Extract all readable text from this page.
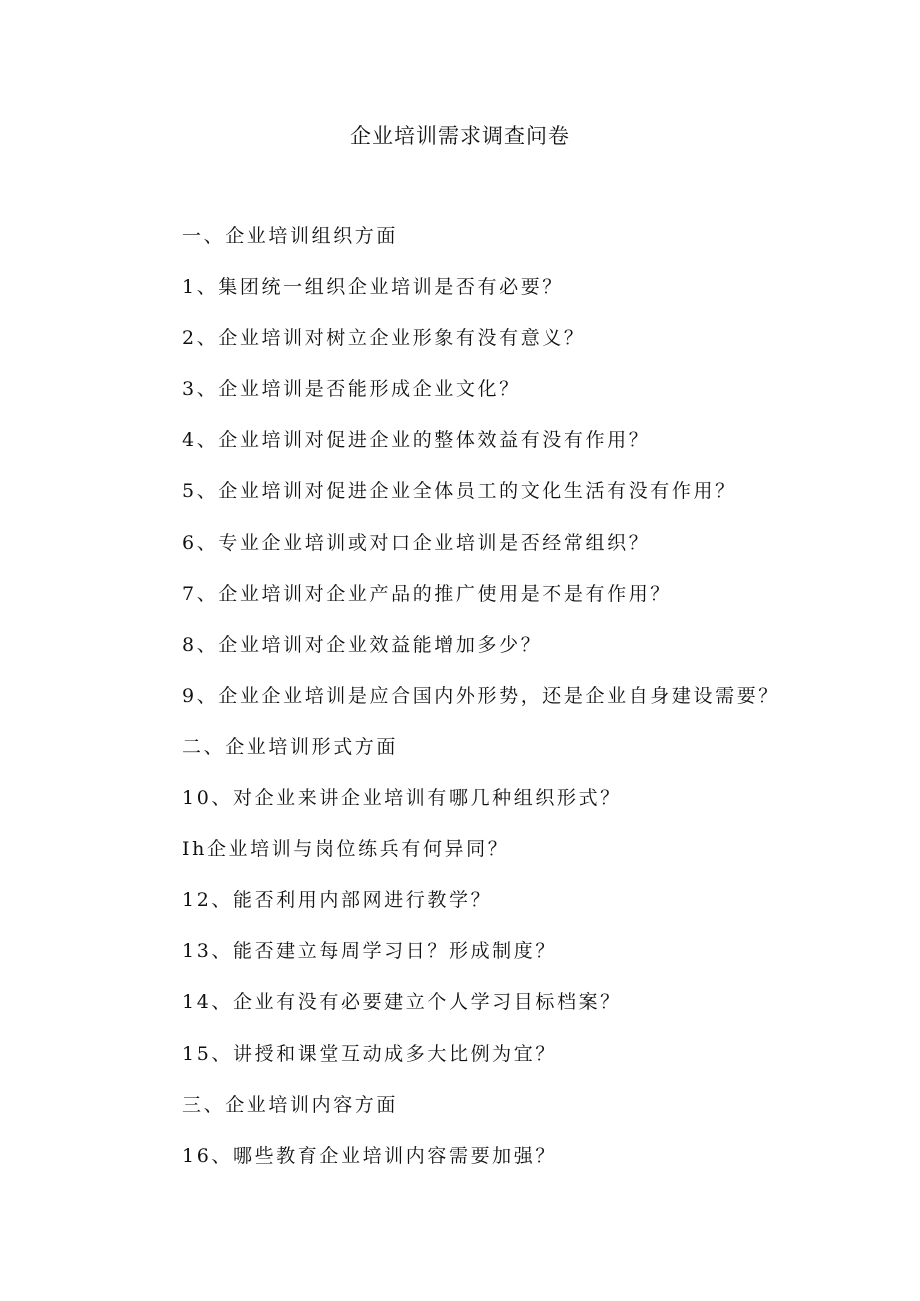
企业培训需求调查问卷
一、企业培训组织方面
1、集团统一组织企业培训是否有必要？
2、企业培训对树立企业形象有没有意义？
3、企业培训是否能形成企业文化？
4、企业培训对促进企业的整体效益有没有作用？
5、企业培训对促进企业全体员工的文化生活有没有作用？
6、专业企业培训或对口企业培训是否经常组织？
7、企业培训对企业产品的推广使用是不是有作用？
8、企业培训对企业效益能增加多少？
9、企业企业培训是应合国内外形势，还是企业自身建设需要？
二、企业培训形式方面
10、对企业来讲企业培训有哪几种组织形式？
Ih企业培训与岗位练兵有何异同？
12、能否利用内部网进行教学？
13、能否建立每周学习日？形成制度？
14、企业有没有必要建立个人学习目标档案？
15、讲授和课堂互动成多大比例为宜？
三、企业培训内容方面
16、哪些教育企业培训内容需要加强？
